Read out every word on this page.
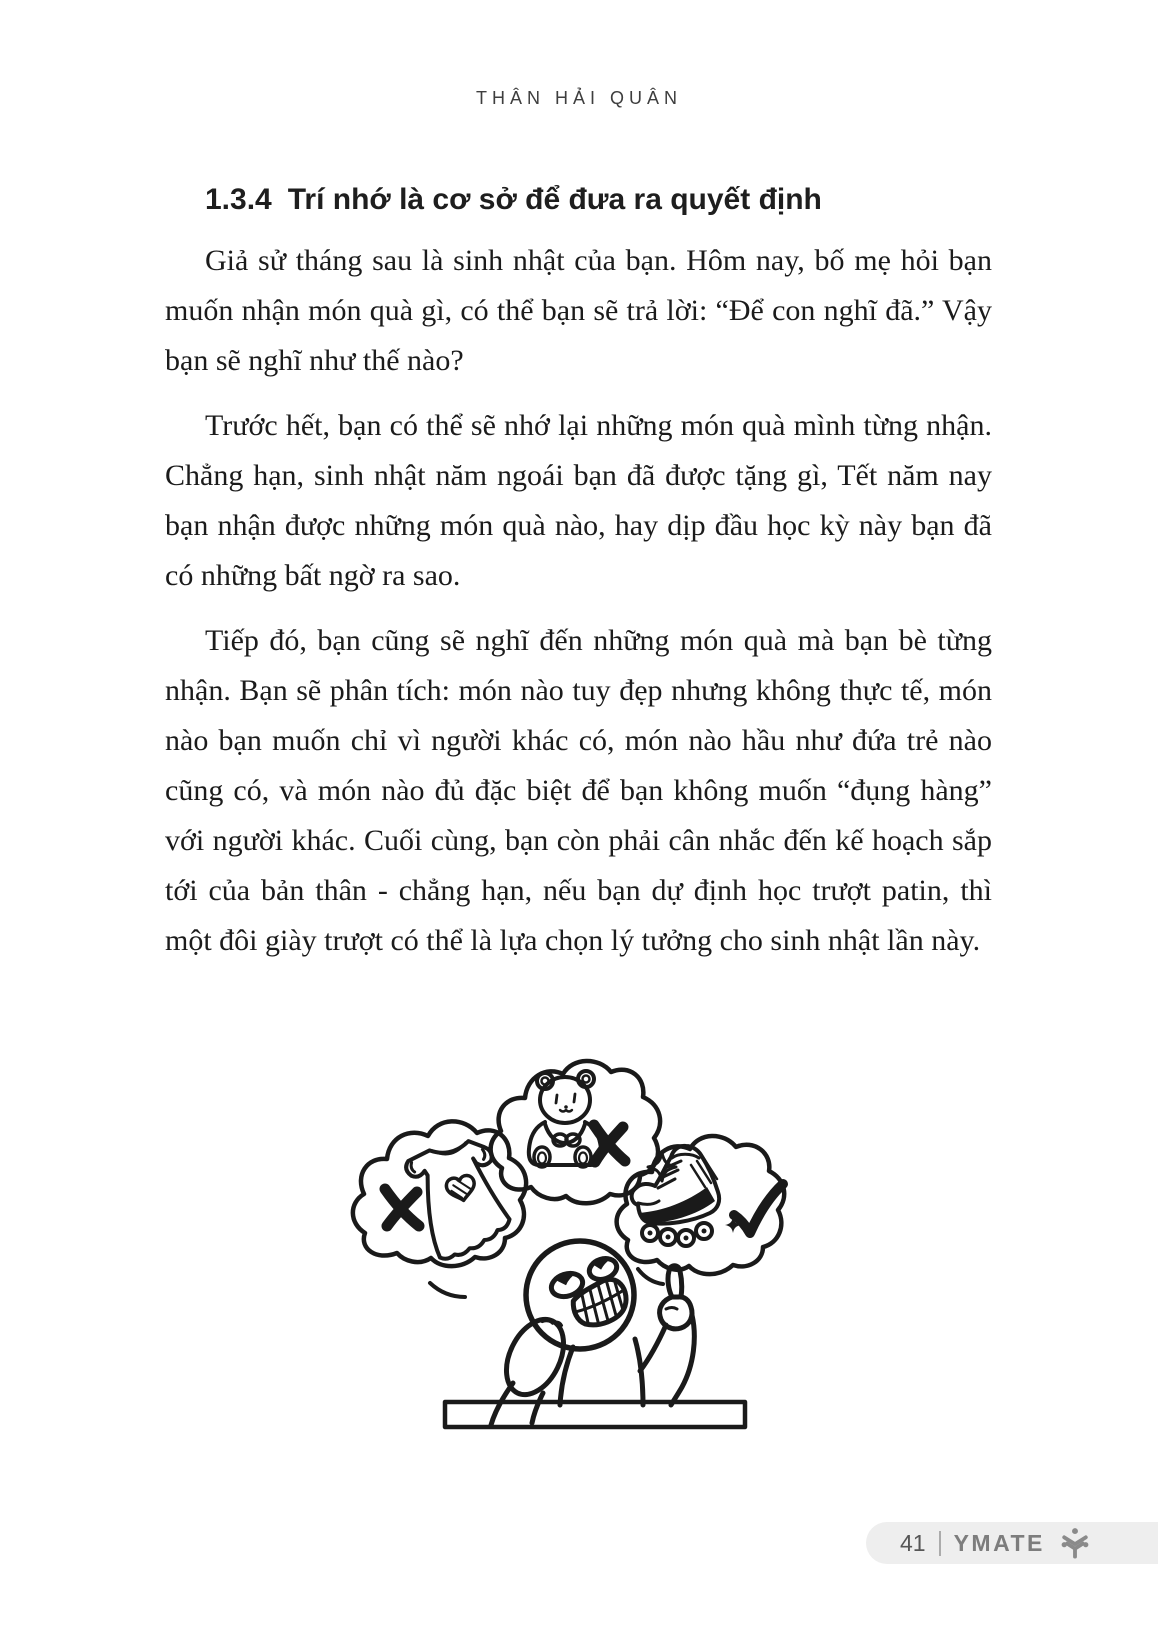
THÂN HẢI QUÂN
1.3.4 Trí nhớ là cơ sở để đưa ra quyết định

Giả sử tháng sau là sinh nhật của bạn. Hôm nay, bố mẹ hỏi bạn muốn nhận món quà gì, có thể bạn sẽ trả lời: “Để con nghĩ đã.” Vậy bạn sẽ nghĩ như thế nào?

Trước hết, bạn có thể sẽ nhớ lại những món quà mình từng nhận. Chẳng hạn, sinh nhật năm ngoái bạn đã được tặng gì, Tết năm nay bạn nhận được những món quà nào, hay dịp đầu học kỳ này bạn đã có những bất ngờ ra sao.

Tiếp đó, bạn cũng sẽ nghĩ đến những món quà mà bạn bè từng nhận. Bạn sẽ phân tích: món nào tuy đẹp nhưng không thực tế, món nào bạn muốn chỉ vì người khác có, món nào hầu như đứa trẻ nào cũng có, và món nào đủ đặc biệt để bạn không muốn “đụng hàng” với người khác. Cuối cùng, bạn còn phải cân nhắc đến kế hoạch sắp tới của bản thân - chẳng hạn, nếu bạn dự định học trượt patin, thì một đôi giày trượt có thể là lựa chọn lý tưởng cho sinh nhật lần này.

41 YMATE
